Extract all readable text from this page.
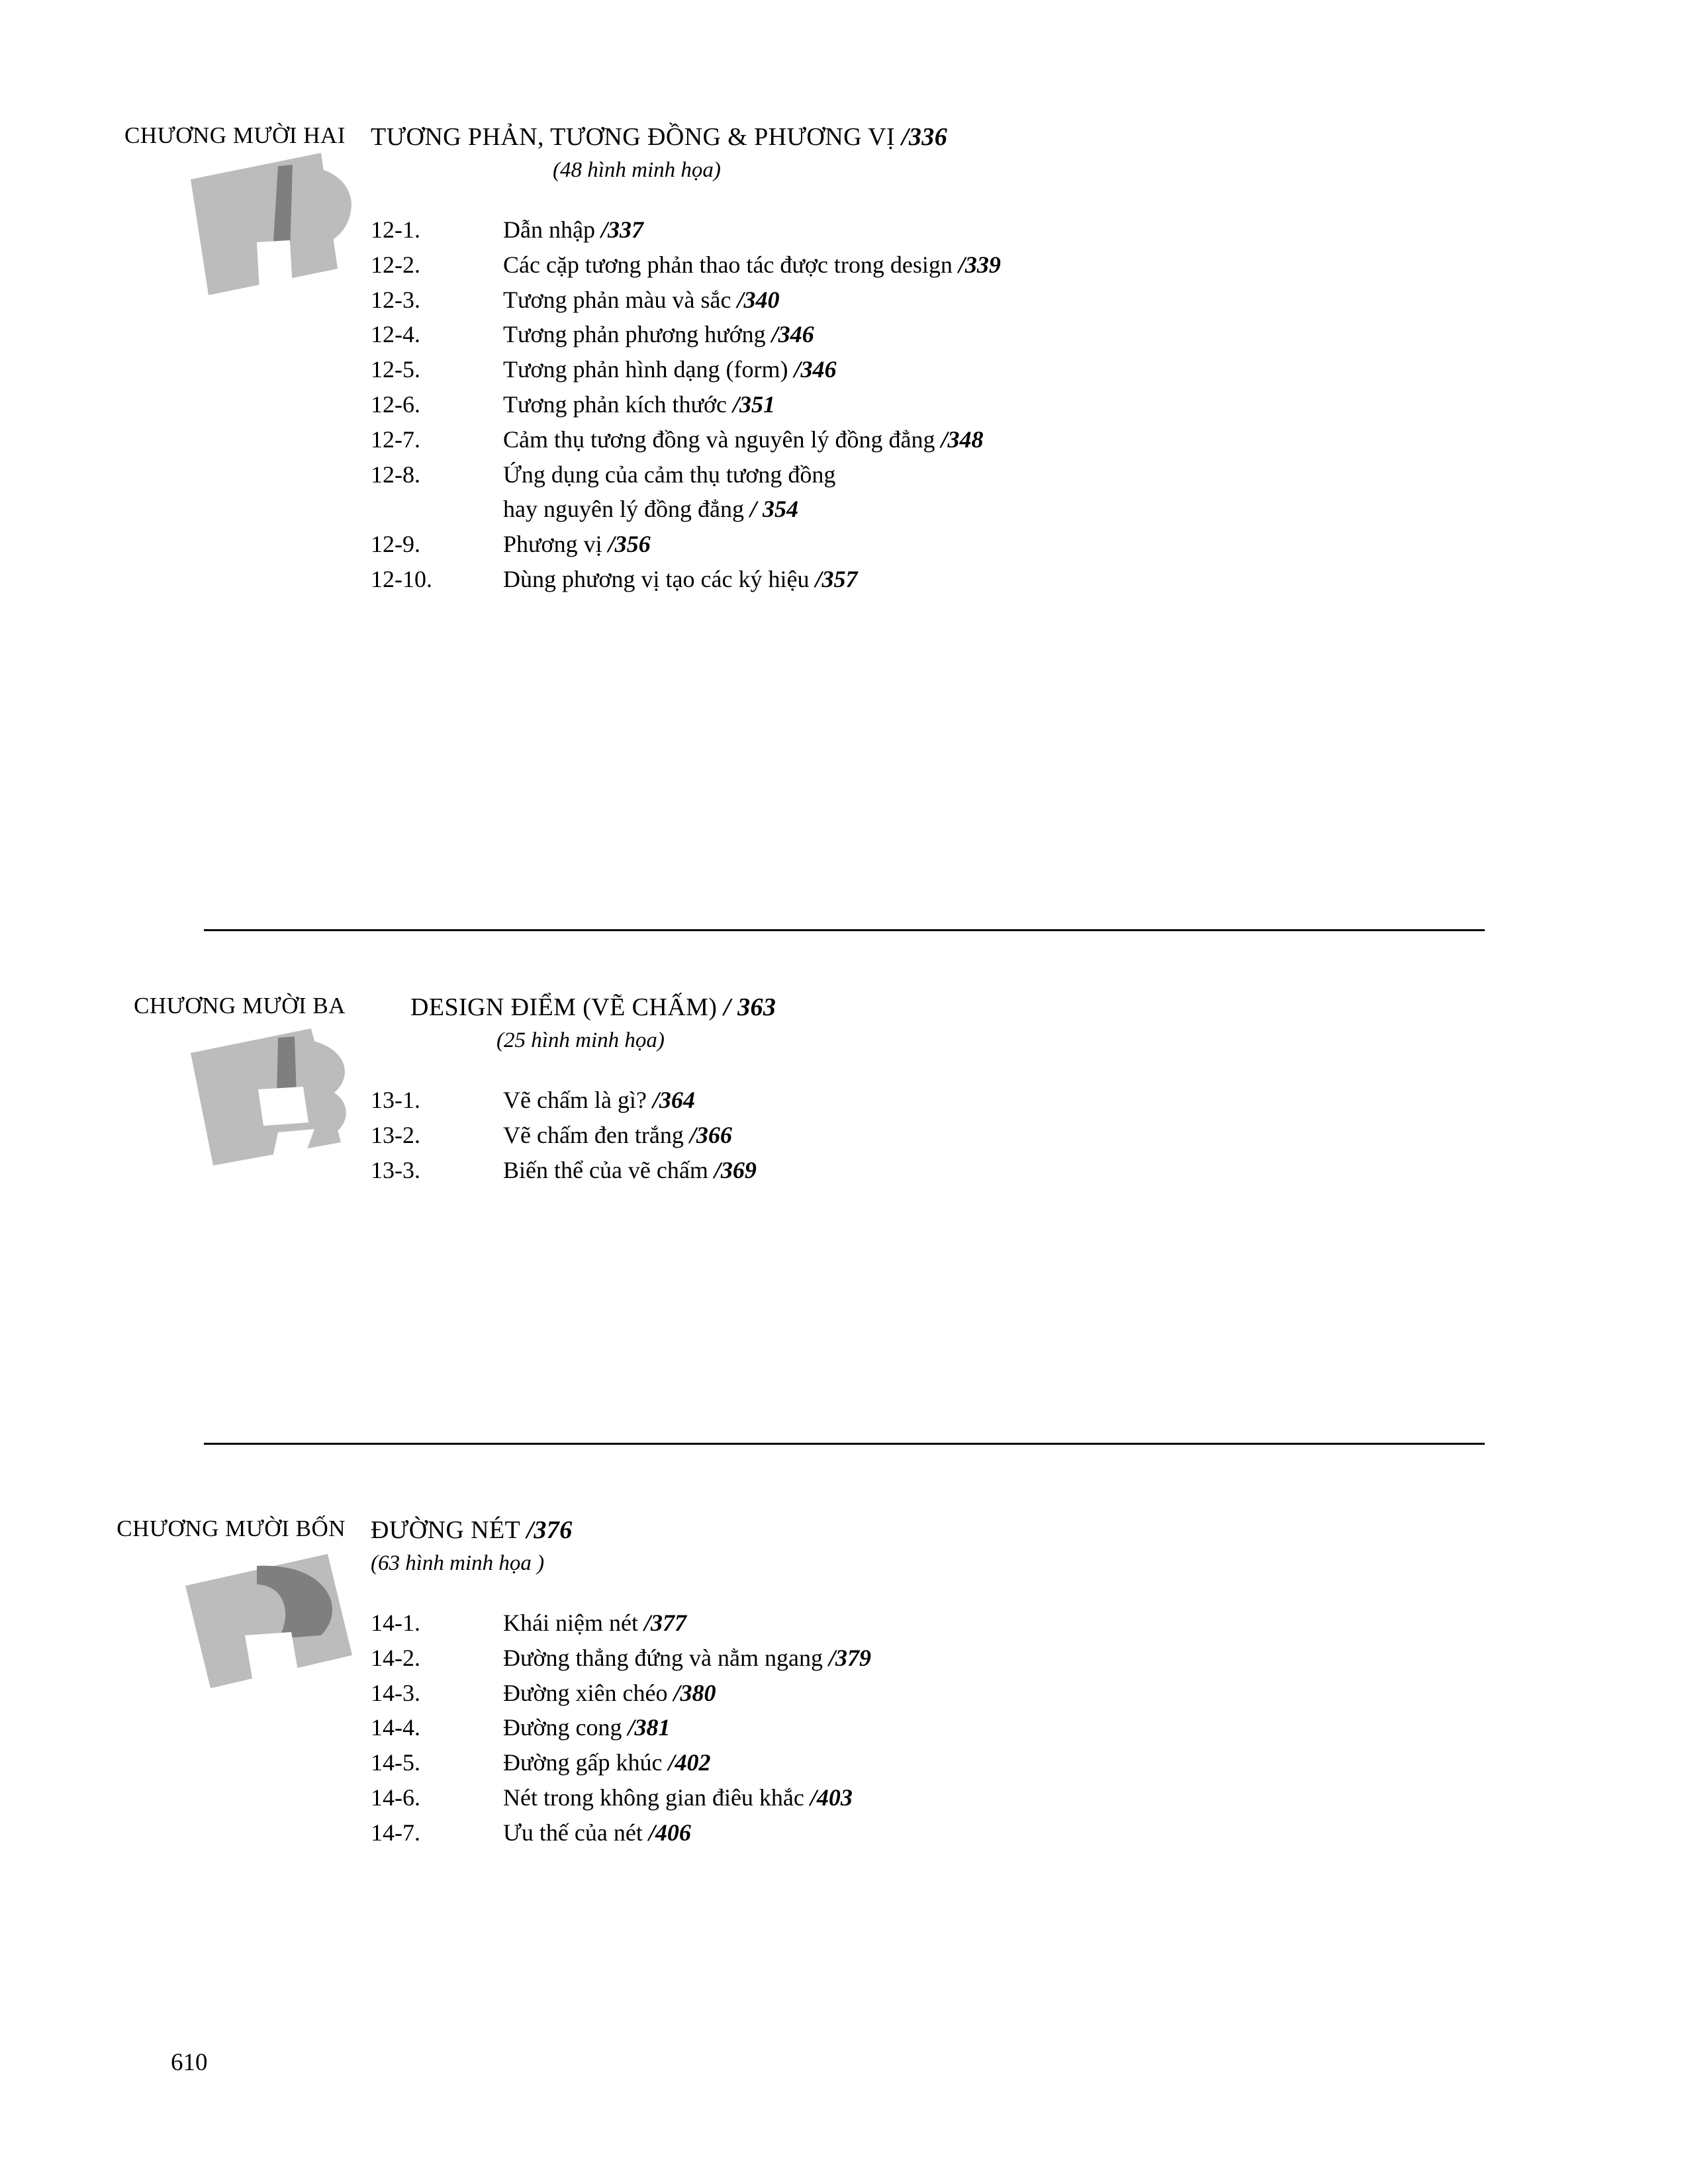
CHƯƠNG MƯỜI HAI	TƯƠNG PHẢN, TƯƠNG ĐỒNG & PHƯƠNG VỊ /336
(48 hình minh họa)
12-1.	Dẫn nhập /337
12-2.	Các cặp tương phản thao tác được trong design /339
12-3.	Tương phản màu và sắc /340
12-4.	Tương phản phương hướng /346
12-5.	Tương phản hình dạng (form) /346
12-6.	Tương phản kích thước /351
12-7.	Cảm thụ tương đồng và nguyên lý đồng đẳng /348
12-8.	Ứng dụng của cảm thụ tương đồng
hay nguyên lý đồng đẳng / 354
12-9.	Phương vị /356
12-10.	Dùng phương vị tạo các ký hiệu /357
CHƯƠNG MƯỜI BA	DESIGN ĐIỂM (VẼ CHẤM) / 363
(25 hình minh họa)
13-1.	Vẽ chấm là gì? /364
13-2.	Vẽ chấm đen trắng /366
13-3.	Biến thể của vẽ chấm /369
CHƯƠNG MƯỜI BỐN	ĐƯỜNG NÉT /376
(63 hình minh họa )
14-1.	Khái niệm nét /377
14-2.	Đường thẳng đứng và nằm ngang /379
14-3.	Đường xiên chéo /380
14-4.	Đường cong /381
14-5.	Đường gấp khúc /402
14-6.	Nét trong không gian điêu khắc /403
14-7.	Ưu thế của nét /406
610
